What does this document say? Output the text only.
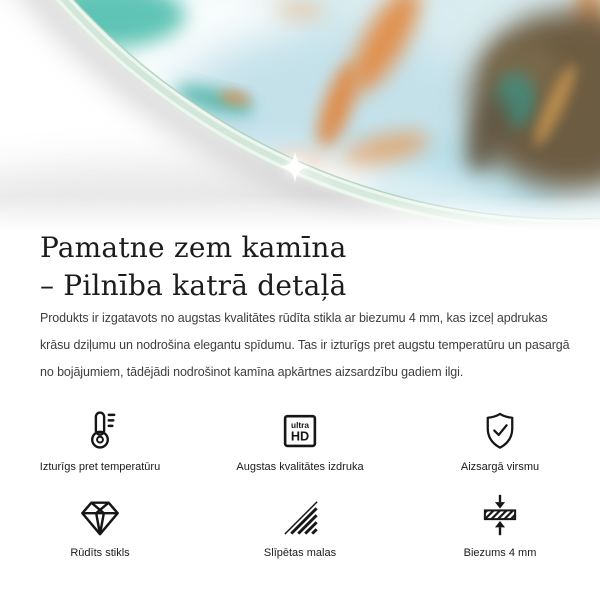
Pamatne zem kamīna
– Pilnība katrā detaļā
Produkts ir izgatavots no augstas kvalitātes rūdīta stikla ar biezumu 4 mm, kas izceļ apdrukas
krāsu dziļumu un nodrošina elegantu spīdumu. Tas ir izturīgs pret augstu temperatūru un pasargā
no bojājumiem, tādējādi nodrošinot kamīna apkārtnes aizsardzību gadiem ilgi.
Izturīgs pret temperatūru
ultra
HD
Augstas kvalitātes izdruka	Aizsargā virsmu
Rūdīts stikls	Slīpētas malas	Biezums 4 mm
